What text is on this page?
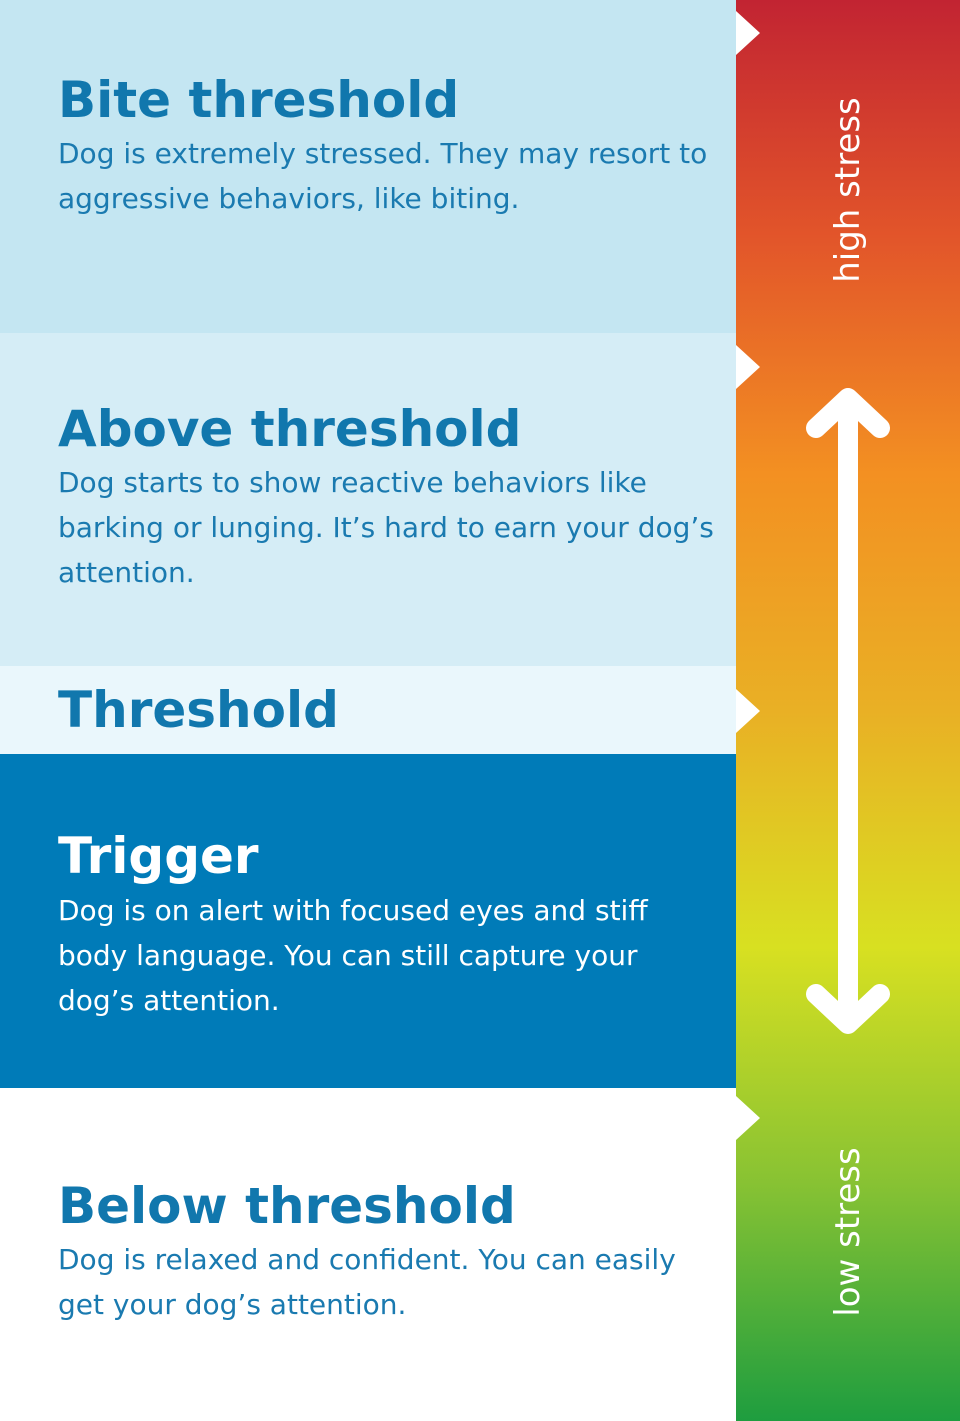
Bite threshold

Dog is extremely stressed. They may resort to aggressive behaviors, like biting.

Above threshold

Dog starts to show reactive behaviors like barking or lunging. It’s hard to earn your dog’s attention.

Threshold
Trigger

Dog is on alert with focused eyes and stiff body language. You can still capture your dog’s attention.

Below threshold

Dog is relaxed and confident. You can easily get your dog’s attention.

high stress
low stress
